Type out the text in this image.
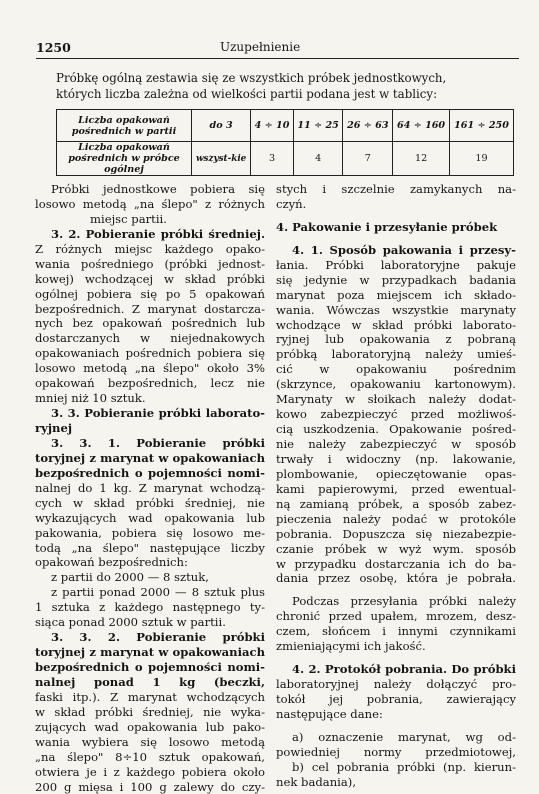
1250	Uzupełnienie
Próbkę ogólną zestawia się ze wszystkich próbek jednostkowych,
których liczba zależna od wielkości partii podana jest w tablicy:
Liczba opakowań
pośrednich w partii	do 3	4 ÷ 10	11 ÷ 25	26 ÷ 63	64 ÷ 160	161 ÷ 250
Liczba opakowań
pośrednich w próbce
ogólnej	wszyst-kie	3	4	7	12	19
Próbki jednostkowe pobiera się
losowo metodą „na ślepo" z różnych
miejsc partii.
3. 2. Pobieranie próbki średniej.
Z różnych miejsc każdego opako-
wania pośredniego (próbki jednost-
kowej) wchodzącej w skład próbki
ogólnej pobiera się po 5 opakowań
bezpośrednich. Z marynat dostarcza-
nych bez opakowań pośrednich lub
dostarczanych w niejednakowych
opakowaniach pośrednich pobiera się
losowo metodą „na ślepo" około 3%
opakowań bezpośrednich, lecz nie
mniej niż 10 sztuk.
3. 3. Pobieranie próbki laborato-
ryjnej
3. 3. 1. Pobieranie próbki
toryjnej z marynat w opakowaniach
bezpośrednich o pojemności nomi-
nalnej do 1 kg. Z marynat wchodzą-
cych w skład próbki średniej, nie
wykazujących wad opakowania lub
pakowania, pobiera się losowo me-
todą „na ślepo" następujące liczby
opakowań bezpośrednich:
z partii do 2000 — 8 sztuk,
z partii ponad 2000 — 8 sztuk plus
1 sztuka z każdego następnego ty-
siąca ponad 2000 sztuk w partii.
3. 3. 2. Pobieranie próbki
toryjnej z marynat w opakowaniach
bezpośrednich o pojemności nomi-
nalnej ponad 1 kg (beczki,
faski itp.). Z marynat wchodzących
w skład próbki średniej, nie wyka-
zujących wad opakowania lub pako-
wania wybiera się losowo metodą
„na ślepo" 8÷10 sztuk opakowań,
otwiera je i z każdego pobiera około
200 g mięsa i 100 g zalewy do czy-
stych i szczelnie zamykanych na-
czyń.
4. Pakowanie i przesyłanie próbek
4. 1. Sposób pakowania i przesy-
łania. Próbki laboratoryjne pakuje
się jedynie w przypadkach badania
marynat poza miejscem ich składo-
wania. Wówczas wszystkie marynaty
wchodzące w skład próbki laborato-
ryjnej lub opakowania z pobraną
próbką laboratoryjną należy umieś-
cić w opakowaniu pośrednim
(skrzynce, opakowaniu kartonowym).
Marynaty w słoikach należy dodat-
kowo zabezpieczyć przed możliwoś-
cią uszkodzenia. Opakowanie pośred-
nie należy zabezpieczyć w sposób
trwały i widoczny (np. lakowanie,
plombowanie, opieczętowanie opas-
kami papierowymi, przed ewentual-
ną zamianą próbek, a sposób zabez-
pieczenia należy podać w protokóle
pobrania. Dopuszcza się niezabezpie-
czanie próbek w wyż wym. sposób
w przypadku dostarczania ich do ba-
dania przez osobę, która je pobrała.
Podczas przesyłania próbki należy
chronić przed upałem, mrozem, desz-
czem, słońcem i innymi czynnikami
zmieniającymi ich jakość.
4. 2. Protokół pobrania. Do próbki
laboratoryjnej należy dołączyć pro-
tokół jej pobrania, zawierający
następujące dane:
a) oznaczenie marynat, wg od-
powiedniej normy przedmiotowej,
b) cel pobrania próbki (np. kierun-
nek badania),
